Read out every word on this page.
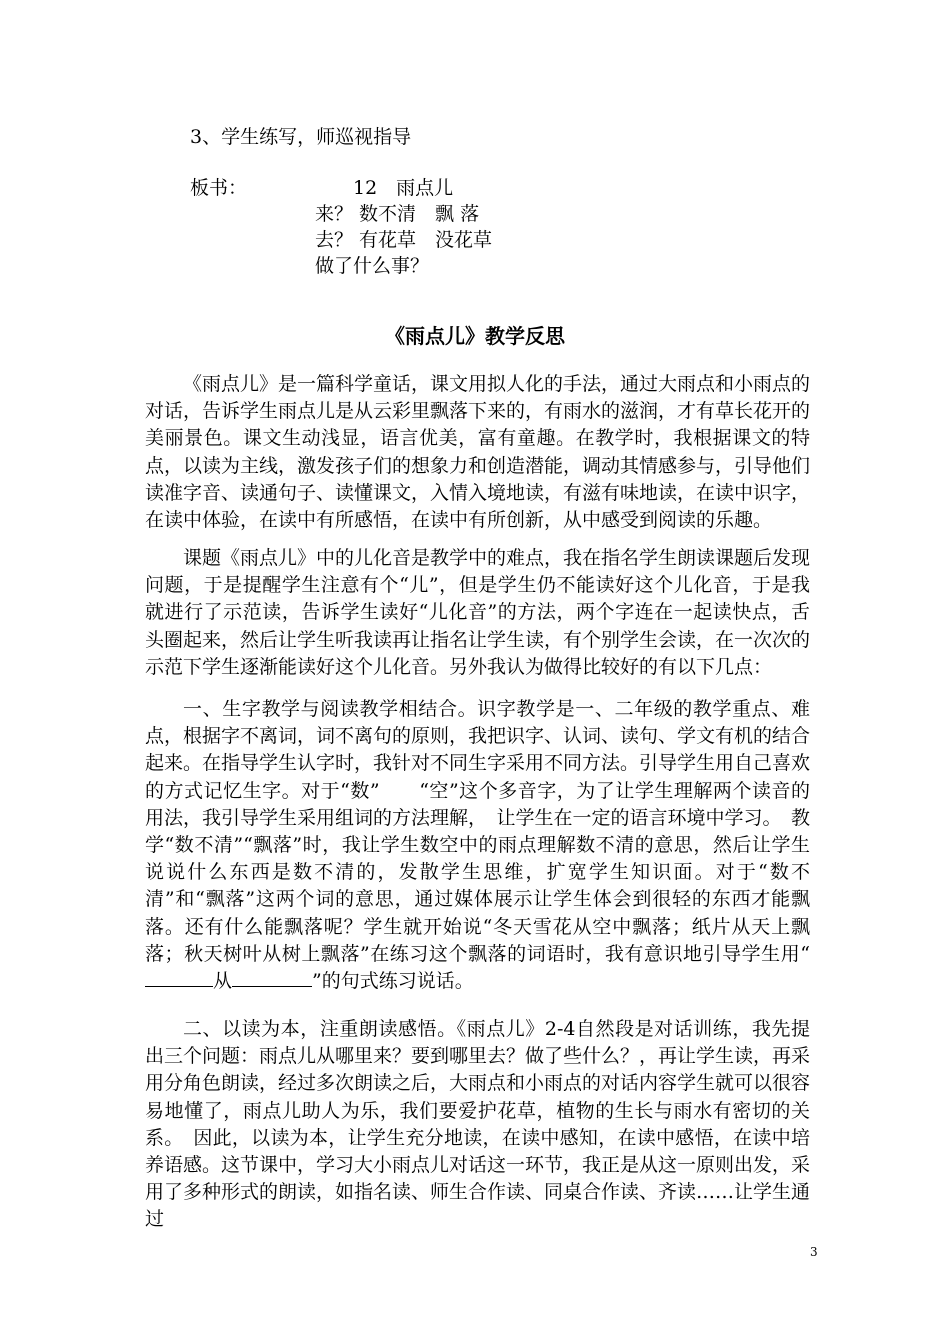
3、学生练写，师巡视指导
板书：	12　雨点儿
来？ 数不清　飘 落
去？ 有花草　没花草
做了什么事？
《雨点儿》教学反思

《雨点儿》是一篇科学童话，课文用拟人化的手法，通过大雨点和小雨点的对话，告诉学生雨点儿是从云彩里飘落下来的，有雨水的滋润，才有草长花开的美丽景色。课文生动浅显，语言优美，富有童趣。在教学时，我根据课文的特点，以读为主线，激发孩子们的想象力和创造潜能，调动其情感参与，引导他们读准字音、读通句子、读懂课文，入情入境地读，有滋有味地读，在读中识字，在读中体验，在读中有所感悟，在读中有所创新，从中感受到阅读的乐趣。

课题《雨点儿》中的儿化音是教学中的难点，我在指名学生朗读课题后发现问题，于是提醒学生注意有个“儿”，但是学生仍不能读好这个儿化音，于是我就进行了示范读，告诉学生读好“儿化音”的方法，两个字连在一起读快点，舌头圈起来，然后让学生听我读再让指名让学生读，有个别学生会读，在一次次的示范下学生逐渐能读好这个儿化音。另外我认为做得比较好的有以下几点：

一、生字教学与阅读教学相结合。识字教学是一、二年级的教学重点、难点，根据字不离词，词不离句的原则，我把识字、认词、读句、学文有机的结合起来。在指导学生认字时，我针对不同生字采用不同方法。引导学生用自己喜欢的方式记忆生字。对于“数”　　“空”这个多音字，为了让学生理解两个读音的用法，我引导学生采用组词的方法理解，　让学生在一定的语言环境中学习。　教学“数不清”“飘落”时，我让学生数空中的雨点理解数不清的意思，然后让学生说说什么东西是数不清的，发散学生思维，扩宽学生知识面。对于“数不清”和“飘落”这两个词的意思，通过媒体展示让学生体会到很轻的东西才能飘落。还有什么能飘落呢？学生就开始说“冬天雪花从空中飘落；纸片从天上飘落；秋天树叶从树上飘落”在练习这个飘落的词语时，我有意识地引导学生用“从	”的句式练习说话。

二、以读为本，注重朗读感悟。《雨点儿》2-4自然段是对话训练，我先提出三个问题：雨点儿从哪里来？要到哪里去？做了些什么？，再让学生读，再采用分角色朗读，经过多次朗读之后，大雨点和小雨点的对话内容学生就可以很容易地懂了，雨点儿助人为乐，我们要爱护花草，植物的生长与雨水有密切的关系。　因此，以读为本，让学生充分地读，在读中感知，在读中感悟，在读中培养语感。这节课中，学习大小雨点儿对话这一环节，我正是从这一原则出发，采用了多种形式的朗读，如指名读、师生合作读、同桌合作读、齐读……让学生通过

3
